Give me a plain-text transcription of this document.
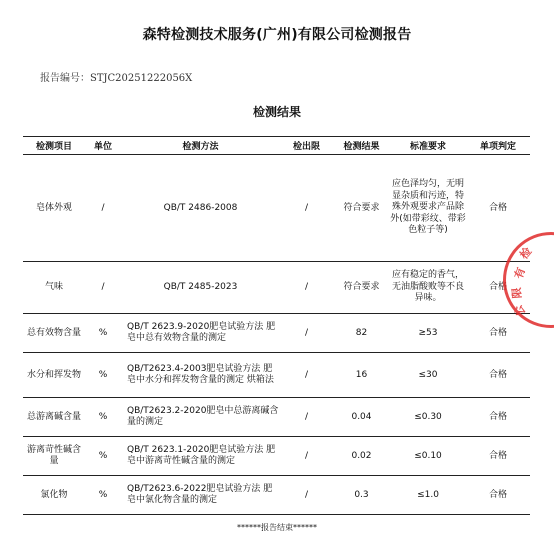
森特检测技术服务(广州)有限公司检测报告
报告编号：STJC20251222056X
检测结果
检测项目	单位	检测方法	检出限	检测结果	标准要求	单项判定
皂体外观	/	QB/T 2486-2008	/	符合要求	应色泽均匀，无明显杂质和污迹，特殊外观要求产品除外(如带彩纹、带彩色粒子等)	合格
气味	/	QB/T 2485-2023	/	符合要求	应有稳定的香气，无油脂酸败等不良异味。	合格
总有效物含量	%	QB/T 2623.9-2020肥皂试验方法 肥皂中总有效物含量的测定	/	82	≥53	合格
水分和挥发物	%	QB/T2623.4-2003肥皂试验方法 肥皂中水分和挥发物含量的测定 烘箱法	/	16	≤30	合格
总游离碱含量	%	QB/T2623.2-2020肥皂中总游离碱含量的测定	/	0.04	≤0.30	合格
游离苛性碱含量	%	QB/T 2623.1-2020肥皂试验方法 肥皂中游离苛性碱含量的测定	/	0.02	≤0.10	合格
氯化物	%	QB/T2623.6-2022肥皂试验方法 肥皂中氯化物含量的测定	/	0.3	≤1.0	合格
检
有
限
公
******报告结束******
